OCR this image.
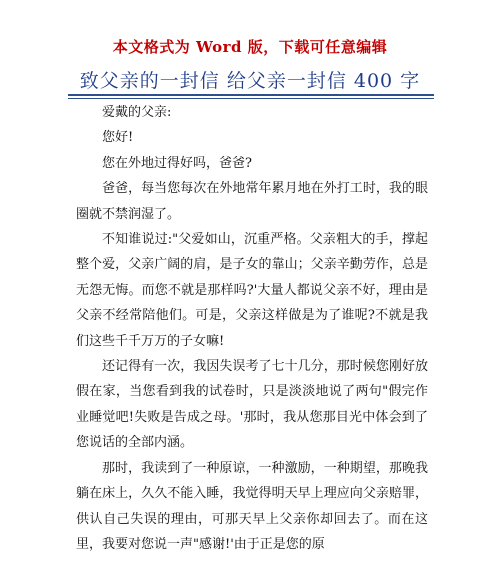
本文格式为 Word 版，下载可任意编辑
致父亲的一封信 给父亲一封信 400 字

爱戴的父亲:

您好!

您在外地过得好吗，爸爸?

爸爸，每当您每次在外地常年累月地在外打工时，我的眼圈就不禁润湿了。

不知谁说过:"父爱如山，沉重严格。父亲粗大的手，撑起整个爱，父亲广阔的肩，是子女的靠山；父亲辛勤劳作，总是无怨无悔。而您不就是那样吗?'大量人都说父亲不好，理由是父亲不经常陪他们。可是，父亲这样做是为了谁呢?不就是我们这些千千万万的子女嘛!

还记得有一次，我因失误考了七十几分，那时候您刚好放假在家，当您看到我的试卷时，只是淡淡地说了两句"假完作业睡觉吧!失败是告成之母。'那时，我从您那目光中体会到了您说话的全部内涵。

那时，我读到了一种原谅，一种激励，一种期望，那晚我躺在床上，久久不能入睡，我觉得明天早上理应向父亲赔罪，供认自己失误的理由，可那天早上父亲你却回去了。而在这里，我要对您说一声"感谢!'由于正是您的原
